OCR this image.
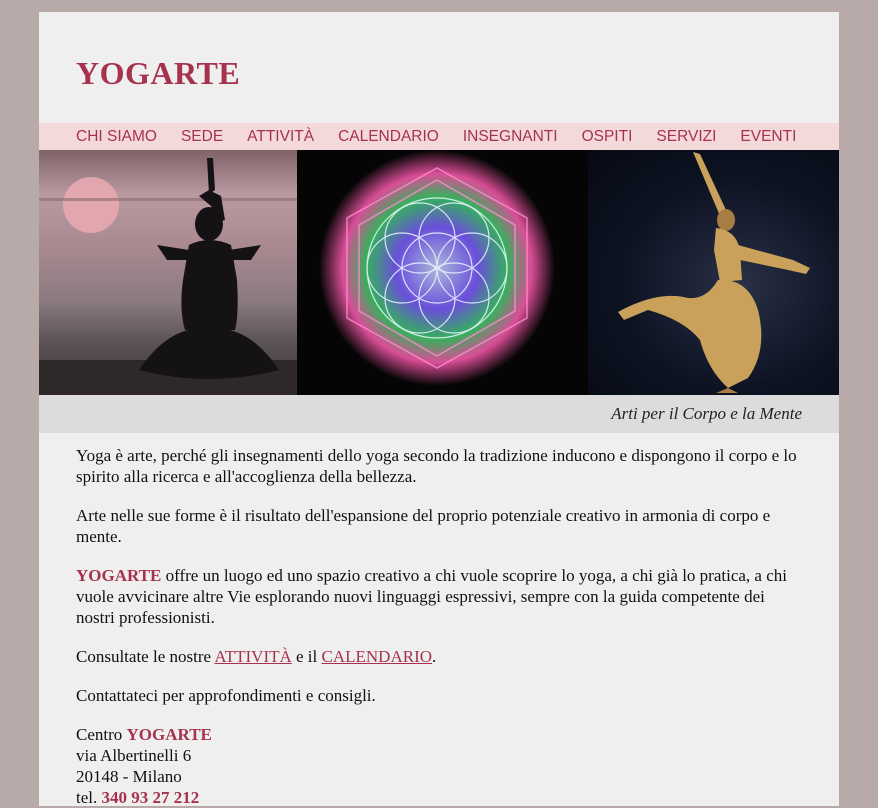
YOGARTE
CHI SIAMO SEDE ATTIVITÀ CALENDARIO INSEGNANTI OSPITI SERVIZI EVENTI
Arti per il Corpo e la Mente

Yoga è arte, perché gli insegnamenti dello yoga secondo la tradizione inducono e dispongono il corpo e lo spirito alla ricerca e all'accoglienza della bellezza.

Arte nelle sue forme è il risultato dell'espansione del proprio potenziale creativo in armonia di corpo e mente.

YOGARTE offre un luogo ed uno spazio creativo a chi vuole scoprire lo yoga, a chi già lo pratica, a chi vuole avvicinare altre Vie esplorando nuovi linguaggi espressivi, sempre con la guida competente dei nostri professionisti.

Consultate le nostre ATTIVITÀ e il CALENDARIO.

Contattateci per approfondimenti e consigli.

Centro YOGARTE
via Albertinelli 6
20148 - Milano
tel. 340 93 27 212
